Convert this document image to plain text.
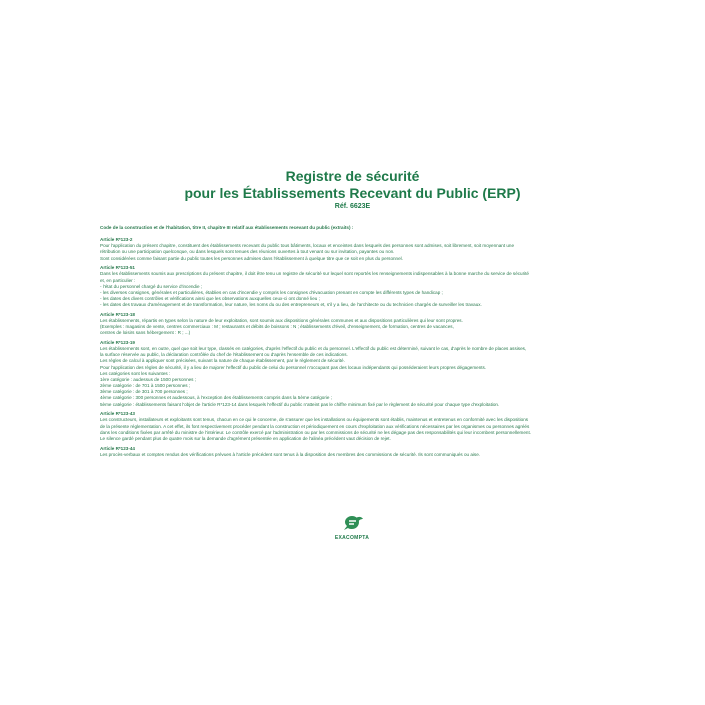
Registre de sécurité
pour les Établissements Recevant du Public (ERP)
Réf. 6623E
Code de la construction et de l'habitation, titre II, chapitre III relatif aux établissements recevant du public (extraits) :
Article R*123-2
Pour l'application du présent chapitre, constituent des établissements recevant du public tous bâtiments, locaux et enceintes dans lesquels des personnes sont admises, soit librement, soit moyennant une
rétribution ou une participation quelconque, ou dans lesquels sont tenues des réunions ouvertes à tout venant ou sur invitation, payantes ou non.
Sont considérées comme faisant partie du public toutes les personnes admises dans l'établissement à quelque titre que ce soit en plus du personnel.
Article R*123-51
Dans les établissements soumis aux prescriptions du présent chapitre, il doit être tenu un registre de sécurité sur lequel sont reportés les renseignements indispensables à la bonne marche du service de sécurité
et, en particulier :
- l'état du personnel chargé du service d'incendie ;
- les diverses consignes, générales et particulières, établies en cas d'incendie y compris les consignes d'évacuation prenant en compte les différents types de handicap ;
- les dates des divers contrôles et vérifications ainsi que les observations auxquelles ceux-ci ont donné lieu ;
- les dates des travaux d'aménagement et de transformation, leur nature, les noms du ou des entrepreneurs et, s'il y a lieu, de l'architecte ou du technicien chargés de surveiller les travaux.
Article R*123-18
Les établissements, répartis en types selon la nature de leur exploitation, sont soumis aux dispositions générales communes et aux dispositions particulières qui leur sont propres.
(Exemples : magasins de vente, centres commerciaux : M ; restaurants et débits de boissons : N ; établissements d'éveil, d'enseignement, de formation, centres de vacances,
centres de loisirs sans hébergement : R ; ...)
Article R*123-19
Les établissements sont, en outre, quel que soit leur type, classés en catégories, d'après l'effectif du public et du personnel. L'effectif du public est déterminé, suivant le cas, d'après le nombre de places assises,
la surface réservée au public, la déclaration contrôlée du chef de l'établissement ou d'après l'ensemble de ces indications.
Les règles de calcul à appliquer sont précisées, suivant la nature de chaque établissement, par le règlement de sécurité.
Pour l'application des règles de sécurité, il y a lieu de majorer l'effectif du public de celui du personnel n'occupant pas des locaux indépendants qui posséderaient leurs propres dégagements.
Les catégories sont les suivantes :
1ère catégorie : audessus de 1500 personnes ;
2ème catégorie : de 701 à 1500 personnes ;
3ème catégorie : de 301 à 700 personnes ;
4ème catégorie : 300 personnes et audessous, à l'exception des établissements compris dans la 5ème catégorie ;
5ème catégorie : établissements faisant l'objet de l'article R*123-14 dans lesquels l'effectif du public n'atteint pas le chiffre minimum fixé par le règlement de sécurité pour chaque type d'exploitation.
Article R*123-43
Les constructeurs, installateurs et exploitants sont tenus, chacun en ce qui le concerne, de s'assurer que les installations ou équipements sont établis, maintenus et entretenus en conformité avec les dispositions
de la présente réglementation. A cet effet, ils font respectivement procéder pendant la construction et périodiquement en cours d'exploitation aux vérifications nécessaires par les organismes ou personnes agréés
dans les conditions fixées par arrêté du ministre de l'intérieur. Le contrôle exercé par l'administration ou par les commissions de sécurité ne les dégage pas des responsabilités qui leur incombent personnellement.
Le silence gardé pendant plus de quatre mois sur la demande d'agrément présentée en application de l'alinéa précédent vaut décision de rejet.
Article R*123-44
Les procès-verbaux et comptes rendus des vérifications prévues à l'article précédent sont tenus à la disposition des membres des commissions de sécurité. Ils sont communiqués ou aise.
EXACOMPTA
